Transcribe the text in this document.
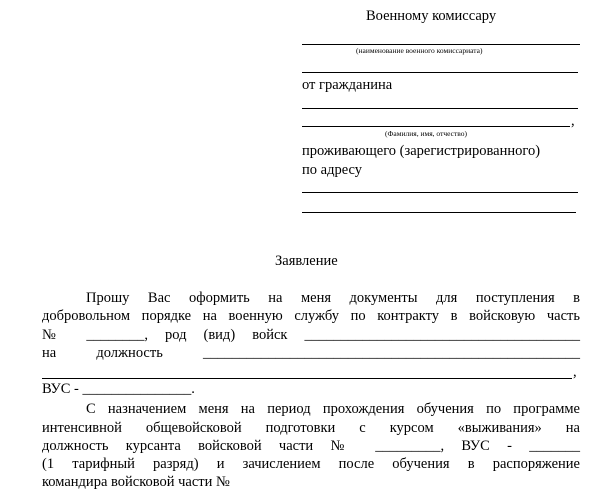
Военному комиссару
(наименование военного комиссариата)
от гражданина
,
(Фамилия, имя, отчество)
проживающего (зарегистрированного)
по адресу
Заявление
Прошу Вас оформить на меня документы для поступления в
добровольном порядке на военную службу по контракту в войсковую часть
№ ________, род (вид) войск ______________________________________
на должность ____________________________________________________
,
ВУС - _______________.
С назначением меня на период прохождения обучения по программе
интенсивной общевойсковой подготовки с курсом «выживания» на
должность курсанта войсковой части № _________, ВУС - _______
(1 тарифный разряд) и зачислением после обучения в распоряжение
командира войсковой части №
